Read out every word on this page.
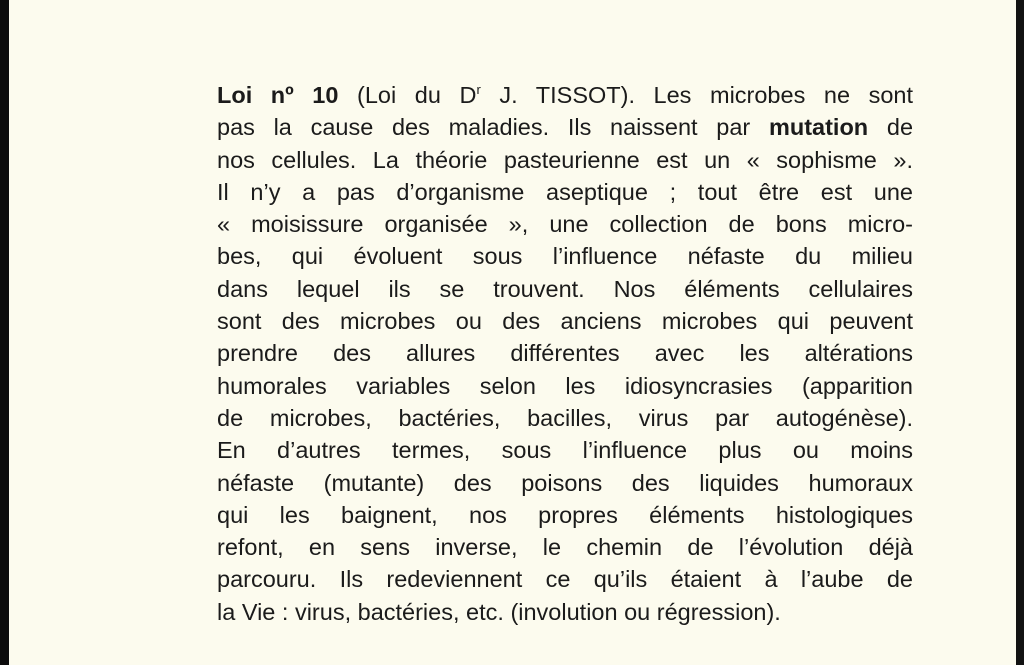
Loi nº 10 (Loi du $D^r$ J. TISSOT). Les microbes ne sont
pas la cause des maladies. Ils naissent par mutation de
nos cellules. La théorie pasteurienne est un « sophisme ».
Il n’y a pas d’organisme aseptique ; tout être est une
« moisissure organisée », une collection de bons micro-
bes, qui évoluent sous l’influence néfaste du milieu
dans lequel ils se trouvent. Nos éléments cellulaires
sont des microbes ou des anciens microbes qui peuvent
prendre des allures différentes avec les altérations
humorales variables selon les idiosyncrasies (apparition
de microbes, bactéries, bacilles, virus par autogénèse).
En d’autres termes, sous l’influence plus ou moins
néfaste (mutante) des poisons des liquides humoraux
qui les baignent, nos propres éléments histologiques
refont, en sens inverse, le chemin de l’évolution déjà
parcouru. Ils redeviennent ce qu’ils étaient à l’aube de
la Vie : virus, bactéries, etc. (involution ou régression).
